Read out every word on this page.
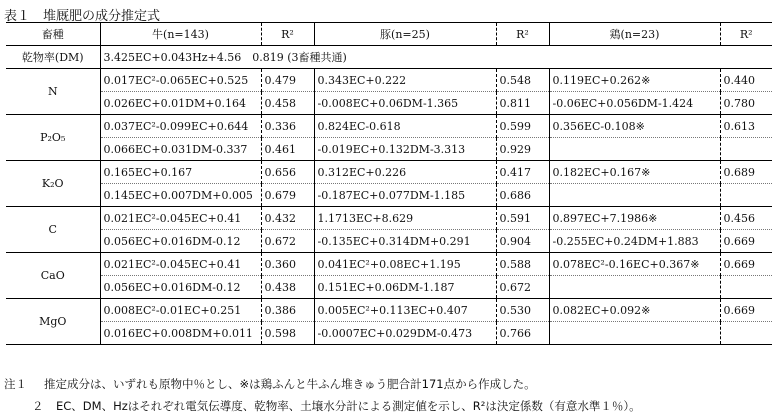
表１　堆厩肥の成分推定式
畜種	牛(n=143)	R²	豚(n=25)	R²	鶏(n=23)	R²
乾物率(DM)	3.425EC+0.043Hz+4.56　0.819 (3畜種共通)					
N	0.017EC²-0.065EC+0.525	0.479	0.343EC+0.222	0.548	0.119EC+0.262※	0.440
	0.026EC+0.01DM+0.164	0.458	-0.008EC+0.06DM-1.365	0.811	-0.06EC+0.056DM-1.424	0.780
P₂O₅	0.037EC²-0.099EC+0.644	0.336	0.824EC-0.618	0.599	0.356EC-0.108※	0.613
	0.066EC+0.031DM-0.337	0.461	-0.019EC+0.132DM-3.313	0.929		
K₂O	0.165EC+0.167	0.656	0.312EC+0.226	0.417	0.182EC+0.167※	0.689
	0.145EC+0.007DM+0.005	0.679	-0.187EC+0.077DM-1.185	0.686		
C	0.021EC²-0.045EC+0.41	0.432	1.1713EC+8.629	0.591	0.897EC+7.1986※	0.456
	0.056EC+0.016DM-0.12	0.672	-0.135EC+0.314DM+0.291	0.904	-0.255EC+0.24DM+1.883	0.669
CaO	0.021EC²-0.045EC+0.41	0.360	0.041EC²+0.08EC+1.195	0.588	0.078EC²-0.16EC+0.367※	0.669
	0.056EC+0.016DM-0.12	0.438	0.151EC+0.06DM-1.187	0.672		
MgO	0.008EC²-0.01EC+0.251	0.386	0.005EC²+0.113EC+0.407	0.530	0.082EC+0.092※	0.669
	0.016EC+0.008DM+0.011	0.598	-0.0007EC+0.029DM-0.473	0.766		
注１ 推定成分は、いずれも原物中％とし、※は鶏ふんと牛ふん堆きゅう肥合計171点から作成した。
２ EC、DM、Hzはそれぞれ電気伝導度、乾物率、土壌水分計による測定値を示し、R²は決定係数（有意水準１％）。
